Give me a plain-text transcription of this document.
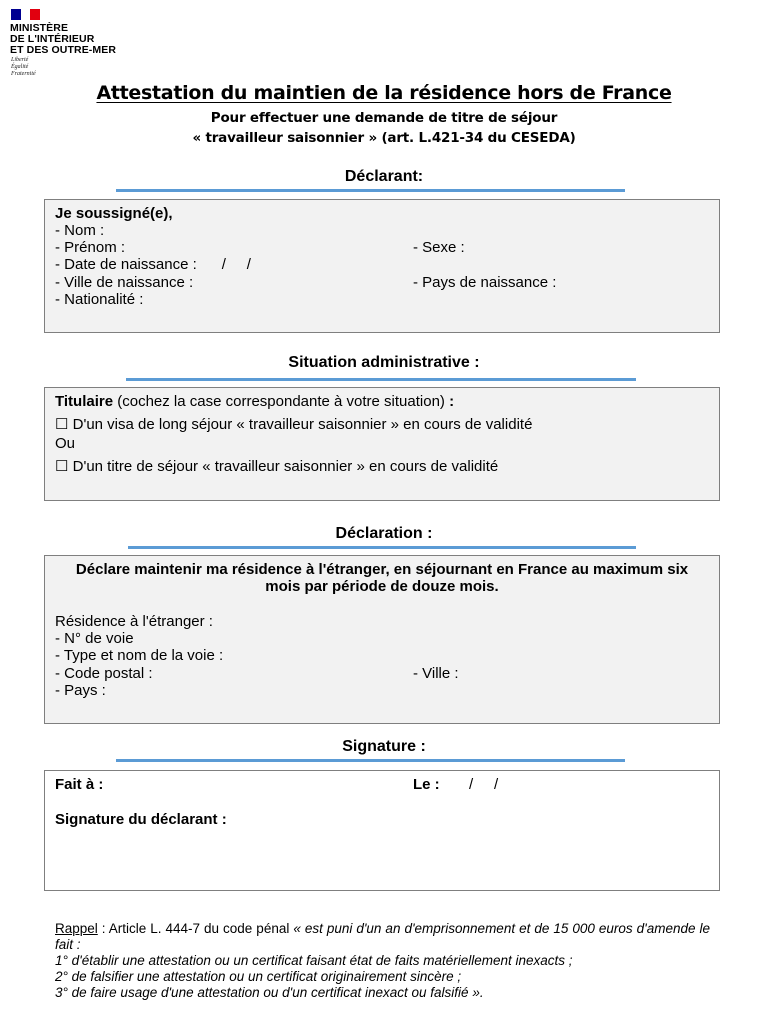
MINISTÈRE
DE L'INTÉRIEUR
ET DES OUTRE-MER
Liberté
Égalité
Fraternité
Attestation du maintien de la résidence hors de France
Pour effectuer une demande de titre de séjour
« travailleur saisonnier » (art. L.421-34 du CESEDA)
Déclarant:
Je soussigné(e),
- Nom :
- Prénom :	- Sexe :
- Date de naissance :      /     /
- Ville de naissance :	- Pays de naissance :
- Nationalité :
Situation administrative :
Titulaire (cochez la case correspondante à votre situation) :
☐ D'un visa de long séjour « travailleur saisonnier » en cours de validité
Ou
☐ D'un titre de séjour « travailleur saisonnier » en cours de validité
Déclaration :
Déclare maintenir ma résidence à l'étranger, en séjournant en France au maximum six
mois par période de douze mois.
Résidence à l'étranger :
- N° de voie
- Type et nom de la voie :
- Code postal :	- Ville :
- Pays :
Signature :
Fait à :	Le : /     /
Signature du déclarant :
Rappel : Article L. 444-7 du code pénal « est puni d'un an d'emprisonnement et de 15 000 euros d'amende le fait :
1° d'établir une attestation ou un certificat faisant état de faits matériellement inexacts ;
2° de falsifier une attestation ou un certificat originairement sincère ;
3° de faire usage d'une attestation ou d'un certificat inexact ou falsifié ».
